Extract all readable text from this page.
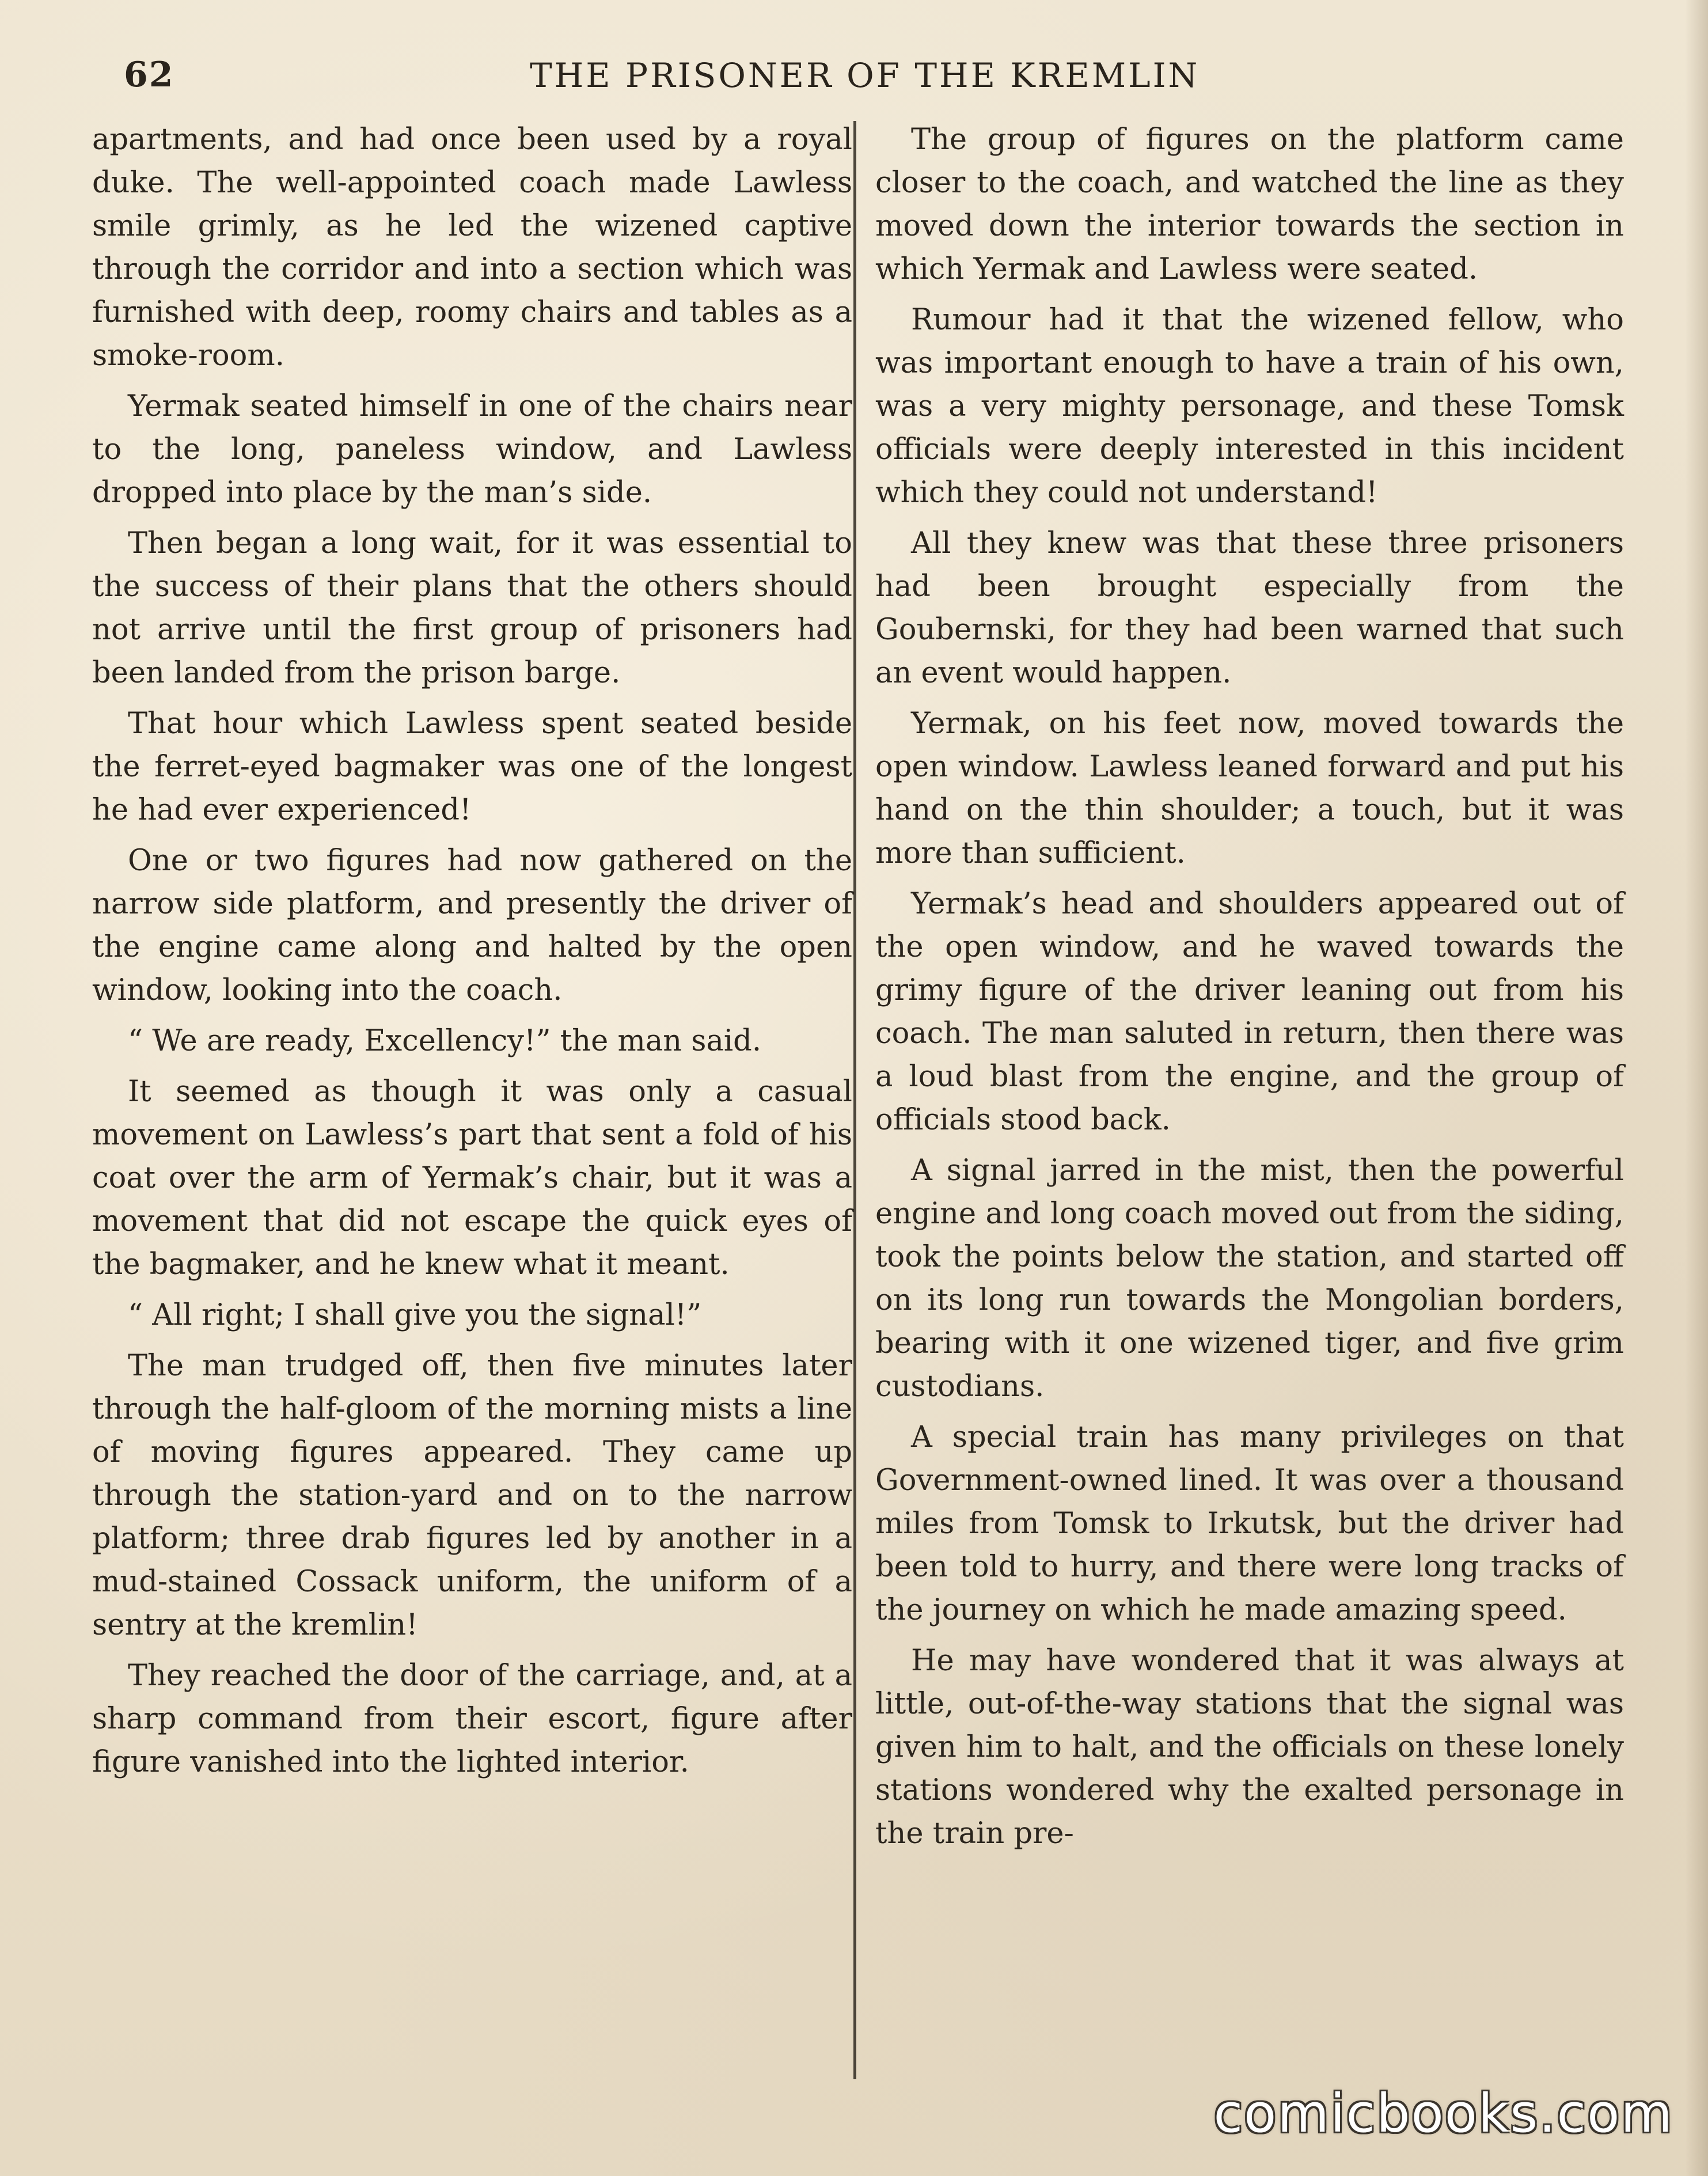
62	THE PRISONER OF THE KREMLIN

apartments, and had once been used by a royal duke. The well-appointed coach made Lawless smile grimly, as he led the wizened captive through the corridor and into a section which was furnished with deep, roomy chairs and tables as a smoke-room.

Yermak seated himself in one of the chairs near to the long, paneless window, and Lawless dropped into place by the man’s side.

Then began a long wait, for it was essential to the success of their plans that the others should not arrive until the first group of prisoners had been landed from the prison barge.

That hour which Lawless spent seated beside the ferret-eyed bagmaker was one of the longest he had ever experienced!

One or two figures had now gathered on the narrow side platform, and presently the driver of the engine came along and halted by the open window, looking into the coach.

“ We are ready, Excellency!” the man said.

It seemed as though it was only a casual movement on Lawless’s part that sent a fold of his coat over the arm of Yermak’s chair, but it was a movement that did not escape the quick eyes of the bagmaker, and he knew what it meant.

“ All right; I shall give you the signal!”

The man trudged off, then five minutes later through the half-gloom of the morning mists a line of moving figures appeared. They came up through the station-yard and on to the narrow platform; three drab figures led by another in a mud-stained Cossack uniform, the uniform of a sentry at the kremlin!

They reached the door of the carriage, and, at a sharp command from their escort, figure after figure vanished into the lighted interior.

The group of figures on the platform came closer to the coach, and watched the line as they moved down the interior towards the section in which Yermak and Lawless were seated.

Rumour had it that the wizened fellow, who was important enough to have a train of his own, was a very mighty personage, and these Tomsk officials were deeply interested in this incident which they could not understand!

All they knew was that these three prisoners had been brought especially from the Goubernski, for they had been warned that such an event would happen.

Yermak, on his feet now, moved towards the open window. Lawless leaned forward and put his hand on the thin shoulder; a touch, but it was more than sufficient.

Yermak’s head and shoulders appeared out of the open window, and he waved towards the grimy figure of the driver leaning out from his coach. The man saluted in return, then there was a loud blast from the engine, and the group of officials stood back.

A signal jarred in the mist, then the powerful engine and long coach moved out from the siding, took the points below the station, and started off on its long run towards the Mongolian borders, bearing with it one wizened tiger, and five grim custodians.

A special train has many privileges on that Government-owned lined. It was over a thousand miles from Tomsk to Irkutsk, but the driver had been told to hurry, and there were long tracks of the journey on which he made amazing speed.

He may have wondered that it was always at little, out-of-the-way stations that the signal was given him to halt, and the officials on these lonely stations wondered why the exalted personage in the train pre-

comicbooks.com
